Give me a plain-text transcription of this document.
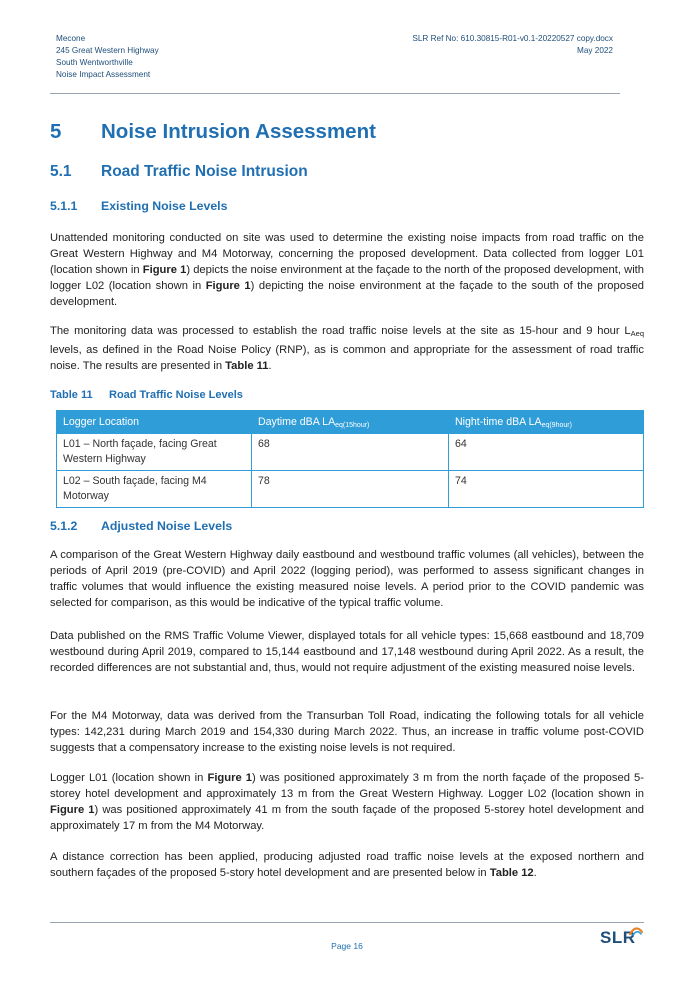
Mecone
245 Great Western Highway
South Wentworthville
Noise Impact Assessment
SLR Ref No: 610.30815-R01-v0.1-20220527 copy.docx
May 2022
5 Noise Intrusion Assessment
5.1 Road Traffic Noise Intrusion
5.1.1 Existing Noise Levels

Unattended monitoring conducted on site was used to determine the existing noise impacts from road traffic on the Great Western Highway and M4 Motorway, concerning the proposed development. Data collected from logger L01 (location shown in Figure 1) depicts the noise environment at the façade to the north of the proposed development, with logger L02 (location shown in Figure 1) depicting the noise environment at the façade to the south of the proposed development.

The monitoring data was processed to establish the road traffic noise levels at the site as 15-hour and 9 hour $L_{Aeq}$ levels, as defined in the Road Noise Policy (RNP), as is common and appropriate for the assessment of road traffic noise. The results are presented in Table 11.

Table 11 Road Traffic Noise Levels
Logger Location	Daytime dBA $LA_{eq(15hour)}$	Night-time dBA $LA_{eq(9hour)}$
L01 – North façade, facing Great Western Highway	68	64
L02 – South façade, facing M4 Motorway	78	74
5.1.2 Adjusted Noise Levels

A comparison of the Great Western Highway daily eastbound and westbound traffic volumes (all vehicles), between the periods of April 2019 (pre-COVID) and April 2022 (logging period), was performed to assess significant changes in traffic volumes that would influence the existing measured noise levels. A period prior to the COVID pandemic was selected for comparison, as this would be indicative of the typical traffic volume.

Data published on the RMS Traffic Volume Viewer, displayed totals for all vehicle types: 15,668 eastbound and 18,709 westbound during April 2019, compared to 15,144 eastbound and 17,148 westbound during April 2022. As a result, the recorded differences are not substantial and, thus, would not require adjustment of the existing measured noise levels.

For the M4 Motorway, data was derived from the Transurban Toll Road, indicating the following totals for all vehicle types: 142,231 during March 2019 and 154,330 during March 2022. Thus, an increase in traffic volume post-COVID suggests that a compensatory increase to the existing noise levels is not required.

Logger L01 (location shown in Figure 1) was positioned approximately 3 m from the north façade of the proposed 5-storey hotel development and approximately 13 m from the Great Western Highway. Logger L02 (location shown in Figure 1) was positioned approximately 41 m from the south façade of the proposed 5-storey hotel development and approximately 17 m from the M4 Motorway.

A distance correction has been applied, producing adjusted road traffic noise levels at the exposed northern and southern façades of the proposed 5-story hotel development and are presented below in Table 12.

Page 16	SLR
